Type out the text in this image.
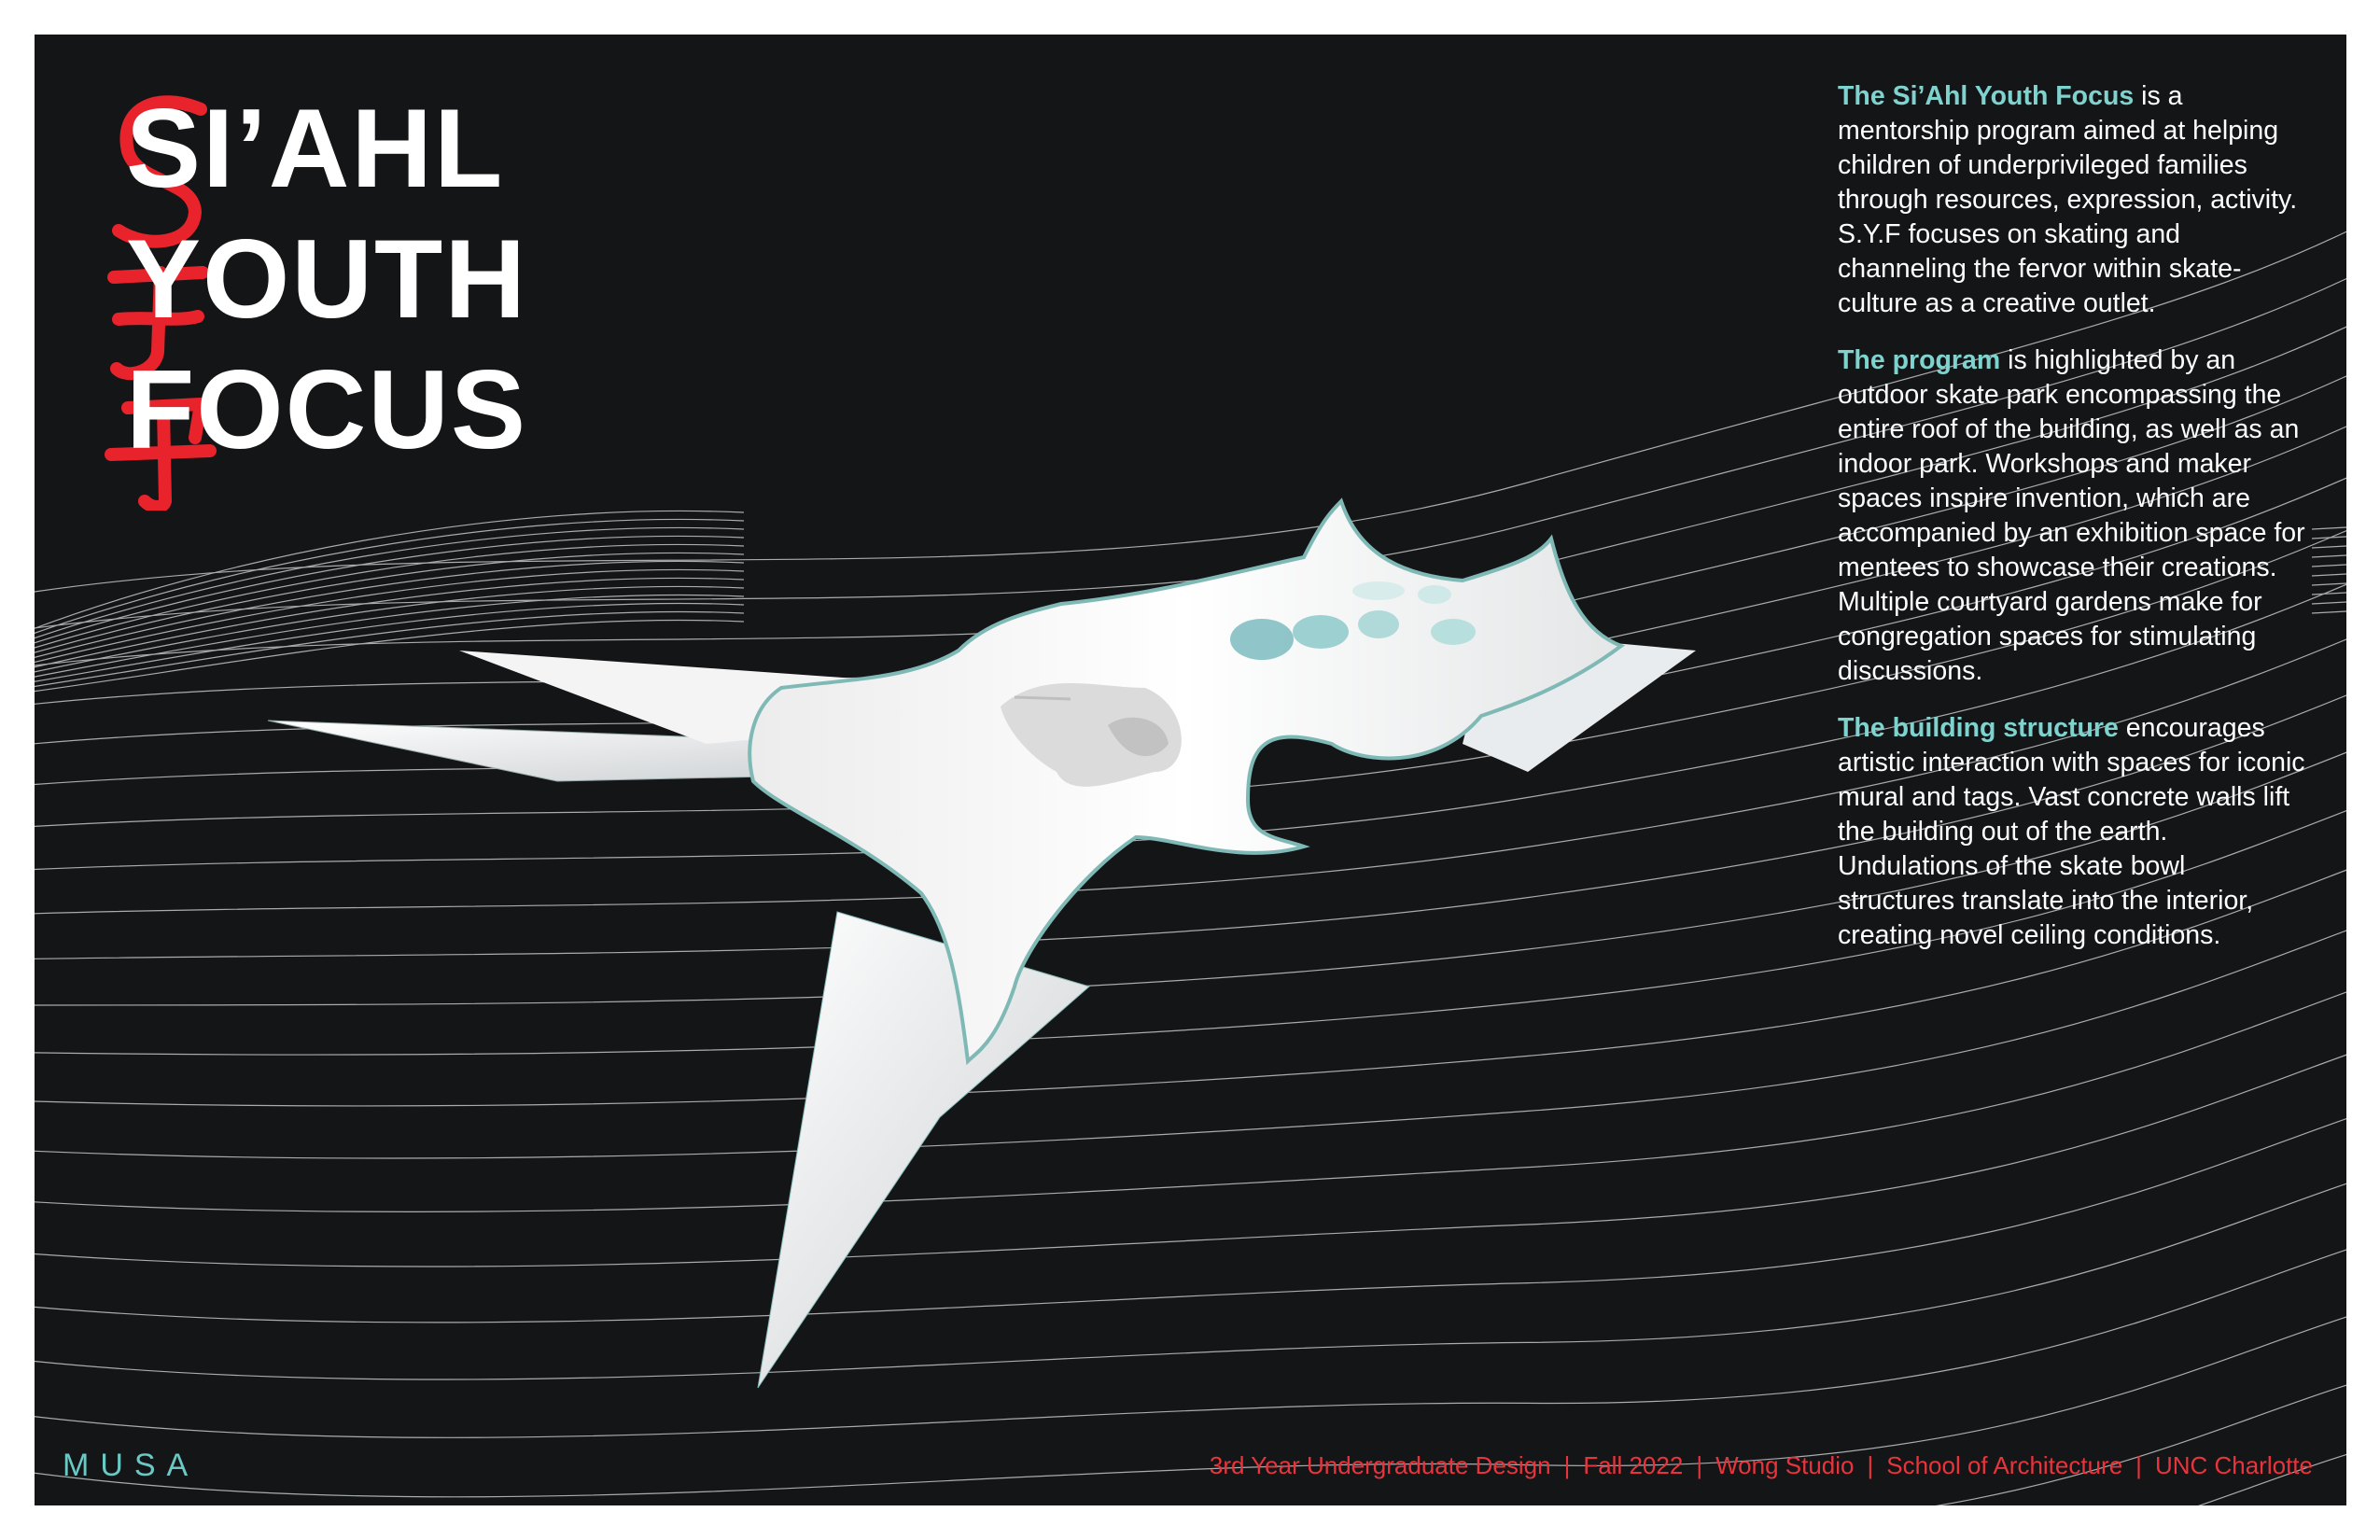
SI’AHL
YOUTH
FOCUS

The Si’Ahl Youth Focus is a mentorship program aimed at helping children of underprivileged families through resources, expression, activity. S.Y.F focuses on skating and channeling the fervor within skate-culture as a creative outlet.

The program is highlighted by an outdoor skate park encompassing the entire roof of the building, as well as an indoor park. Workshops and maker spaces inspire invention, which are accompanied by an exhibition space for mentees to showcase their creations. Multiple courtyard gardens make for congregation spaces for stimulating discussions.

The building structure encourages artistic interaction with spaces for iconic mural and tags. Vast concrete walls lift the building out of the earth. Undulations of the skate bowl structures translate into the interior, creating novel ceiling conditions.

MUSA	3rd Year Undergraduate Design | Fall 2022 | Wong Studio | School of Architecture | UNC Charlotte
